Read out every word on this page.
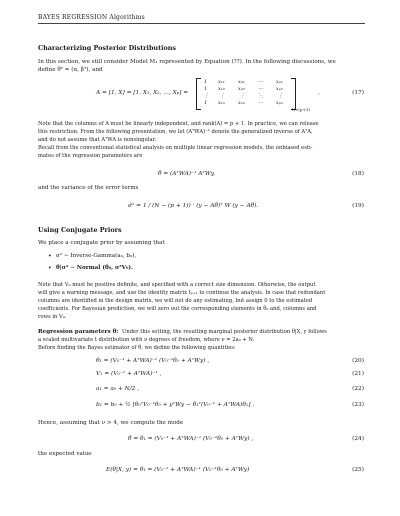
BAYES REGRESSION Algorithms
Characterizing Posterior Distributions
In this section, we still consider Model M₁ represented by Equation (??). In the following discussions, we
define θᵀ = (α, βᵀ), and
A = [1, X] = [1, X₁, X₂, …, Xₚ] =
1 x₁₁	x₂₁	⋯	xₚ₁
1 x₁₂	x₂₂	⋯	xₚ₂
⋮ ⋮	⋮	⋱	⋮
1 x₁ₙ	x₂ₙ	⋯	xₚₙ
N×(p+1)
,	(17)
Note that the columns of A must be linearly independent, and rank(A) = p + 1. In practice, we can release
this restriction. From the following presentation, we let (AᵀWA)⁻¹ denote the generalized inverse of AᵀA,
and do not assume that AᵀWA is nonsingular.
Recall from the conventional statistical analysis on multiple linear regression models, the unbiased esti-
mates of the regression parameters are
θ̂ = (AᵀWA)⁻¹ AᵀWy,	(18)
and the variance of the error terms
σ̂² = 1 / (N − (p + 1)) · (y − Aθ̂)ᵀ W (y − Aθ̂).	(19)
Using Conjugate Priors
We place a conjugate prior by assuming that
• σ² ∼ Inverse-Gamma(a₀, b₀),
• θ|σ² ∼ Normal (θ₀, σ²V₀).
Note that V₀ must be positive definite, and specified with a correct size dimension. Otherwise, the output
will give a warning message, and use the identity matrix Iₚ₊₁ to continue the analysis. In case that redundant
columns are identified in the design matrix, we will not do any estimating, but assign 0 to the estimated
coefficients. For Bayesian prediction, we will zero out the corresponding elements in θ₀ and, columns and
rows in V₀.
Regression parameters θ: Under this setting, the resulting marginal posterior distribution θ|X, y follows
a scaled multivariate t distribution with ν degrees of freedom, where ν = 2a₀ + N.
Before finding the Bayes estimator of θ, we define the following quantities:
θ₁ = (V₀⁻¹ + AᵀWA)⁻¹ (V₀⁻¹θ₀ + AᵀWy) ,	(20)
V₁ = (V₀⁻¹ + AᵀWA)⁻¹ ,	(21)
a₁ = a₀ + N/2 ,	(22)
b₁ = b₀ + ½ [θ₀ᵀV₀⁻¹θ₀ + yᵀWy − θ₁ᵀ(V₀⁻¹ + AᵀWA)θ₁] .	(23)
Hence, assuming that ν > 4, we compute the mode
θ̃ = θ₁ = (V₀⁻¹ + AᵀWA)⁻¹ (V₀⁻¹θ₀ + AᵀWy) ,	(24)
the expected value
E(θ|X, y) = θ₁ = (V₀⁻¹ + AᵀWA)⁻¹ (V₀⁻¹θ₀ + AᵀWy)	(25)
